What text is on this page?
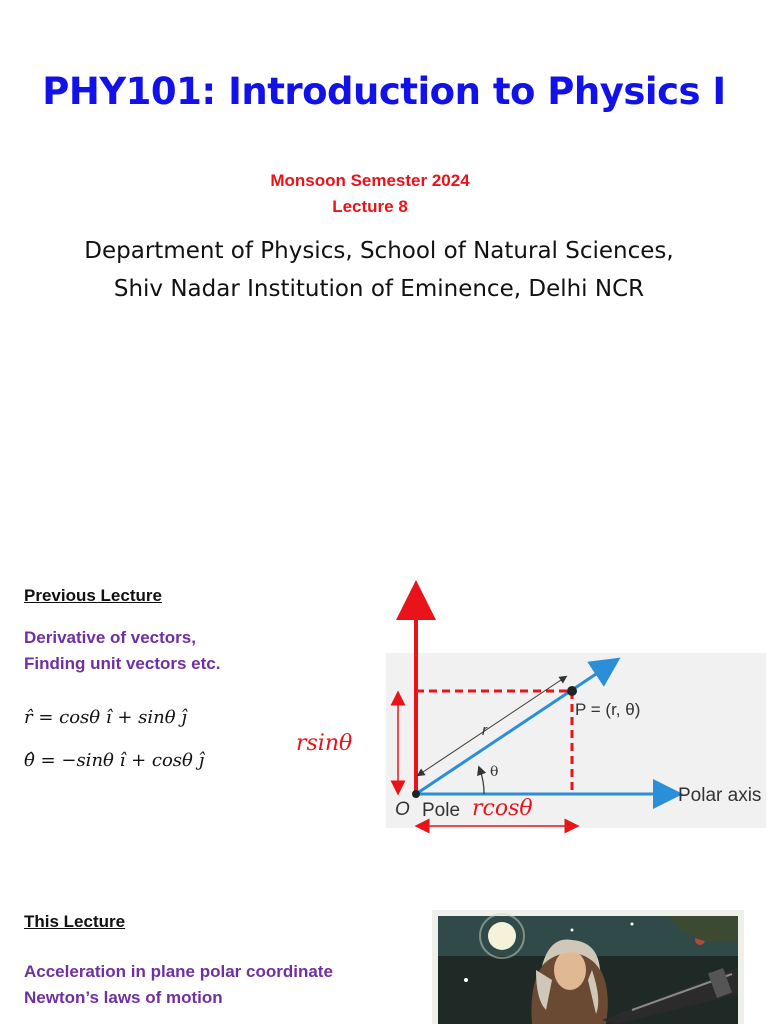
PHY101: Introduction to Physics I
Monsoon Semester 2024
Lecture 8
Department of Physics, School of Natural Sciences,
Shiv Nadar Institution of Eminence, Delhi NCR
Previous Lecture
Derivative of vectors,
Finding unit vectors etc.
r̂ = cosθ î + sinθ ĵ
θ̂ = −sinθ î + cosθ ĵ
rsinθ
rcosθ
P = (r, θ)
r
θ
O Pole
Polar axis
This Lecture
Acceleration in plane polar coordinate
Newton’s laws of motion
